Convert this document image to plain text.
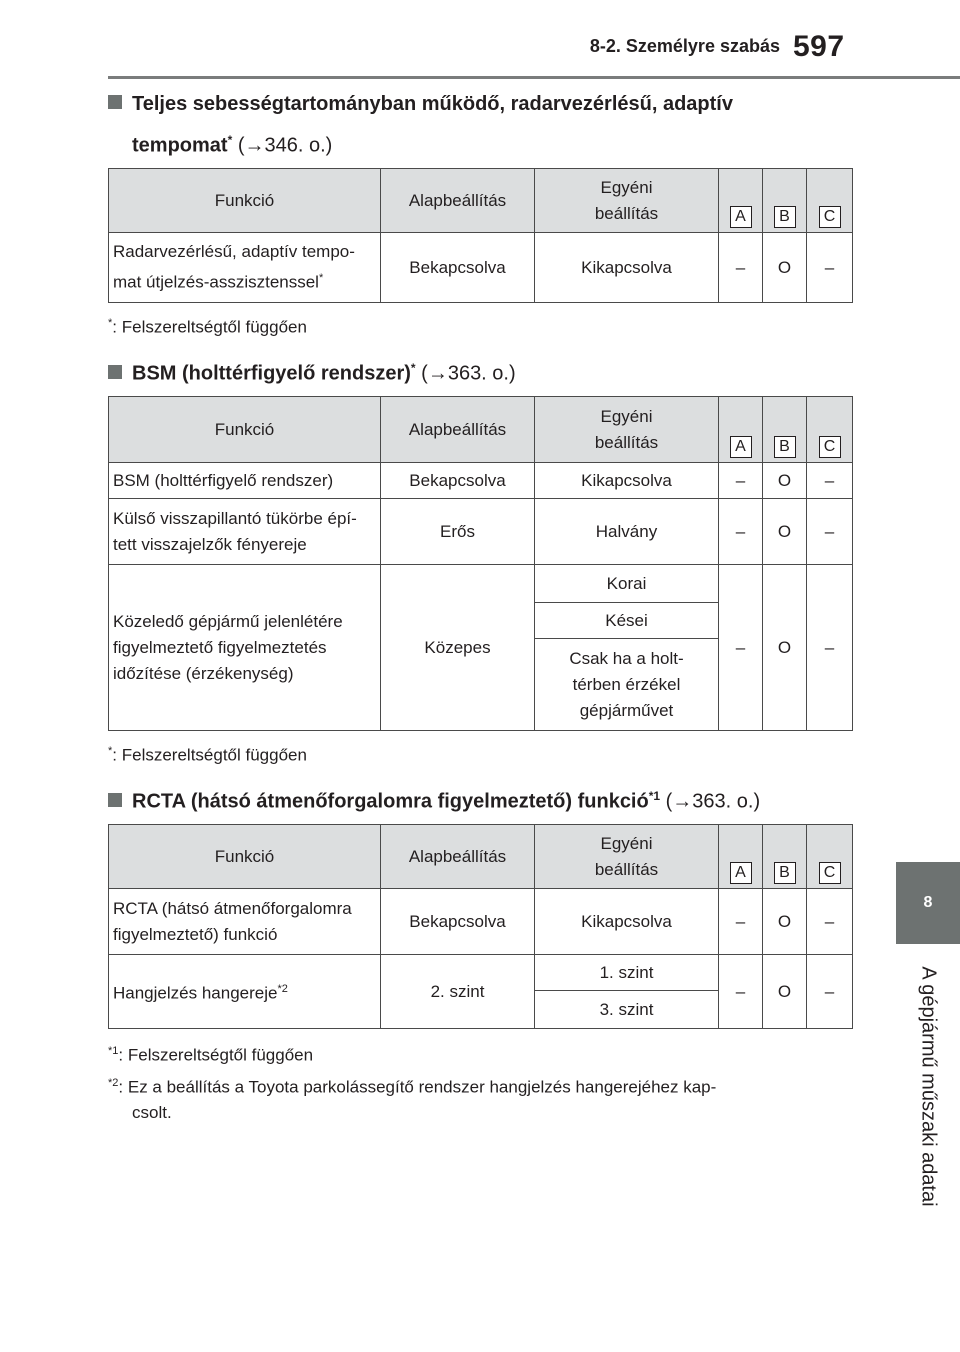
8-2. Személyre szabás 597
8
A gépjármű műszaki adatai
Teljes sebességtartományban működő, radarvezérlésű, adaptív
tempomat* (→346. o.)
Funkció	Alapbeállítás	Egyéni
beállítás	A	B	C
Radarvezérlésű, adaptív tempo-
mat útjelzés-asszisztenssel*	Bekapcsolva	Kikapcsolva	–	O	–
*: Felszereltségtől függően
BSM (holttérfigyelő rendszer)* (→363. o.)
Funkció	Alapbeállítás	Egyéni
beállítás	A	B	C
BSM (holttérfigyelő rendszer)	Bekapcsolva	Kikapcsolva	–	O	–
Külső visszapillantó tükörbe épí-
tett visszajelzők fényereje	Erős	Halvány	–	O	–
Közeledő gépjármű jelenlétére
figyelmeztető figyelmeztetés
időzítése (érzékenység)	Közepes	Korai	–	O	–
		Kései			
		Csak ha a holt-
térben érzékel
gépjárművet			
*: Felszereltségtől függően
RCTA (hátsó átmenőforgalomra figyelmeztető) funkció$^{*1}$ (→363. o.)
Funkció	Alapbeállítás	Egyéni
beállítás	A	B	C
RCTA (hátsó átmenőforgalomra
figyelmeztető) funkció	Bekapcsolva	Kikapcsolva	–	O	–
Hangjelzés hangereje$^{*2}$	2. szint	1. szint	–	O	–
		3. szint			
$^{*1}$: Felszereltségtől függően
$^{*2}$: Ez a beállítás a Toyota parkolássegítő rendszer hangjelzés hangerejéhez kap-
csolt.
